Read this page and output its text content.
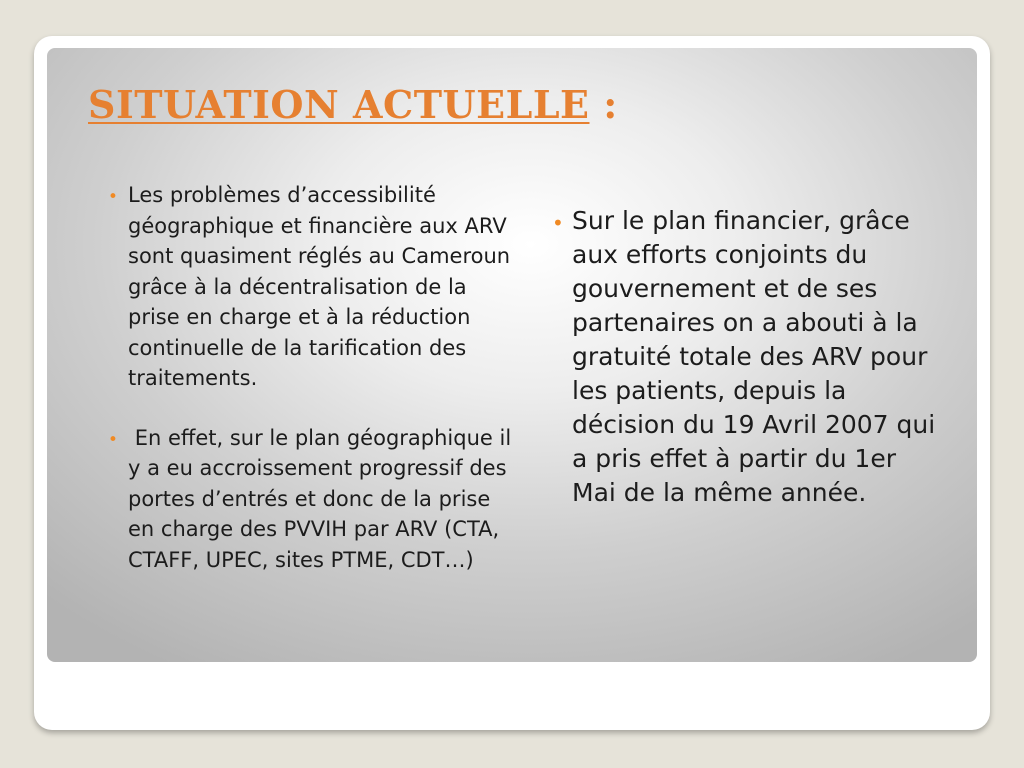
SITUATION ACTUELLE :
• Les problèmes d’accessibilité géographique et financière aux ARV sont quasiment réglés au Cameroun grâce à la décentralisation de la prise en charge et à la réduction continuelle de la tarification des traitements.
• En effet, sur le plan géographique il y a eu accroissement progressif des portes d’entrés et donc de la prise en charge des PVVIH par ARV (CTA, CTAFF, UPEC, sites PTME, CDT…)
• Sur le plan financier, grâce aux efforts conjoints du gouvernement et de ses partenaires on a abouti à la gratuité totale des ARV pour les patients, depuis la décision du 19 Avril 2007 qui a pris effet à partir du 1er Mai de la même année.
